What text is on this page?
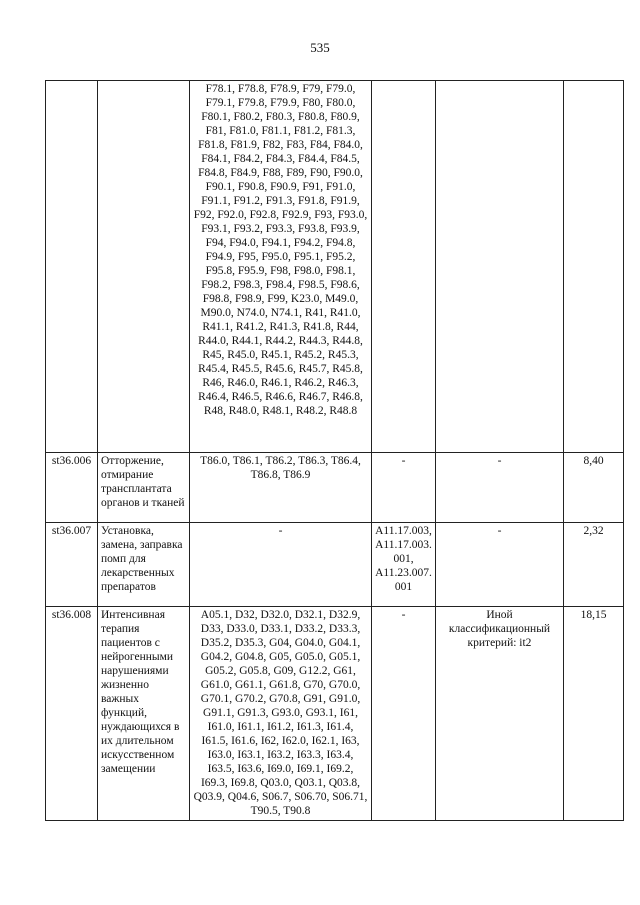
535
		F78.1, F78.8, F78.9, F79, F79.0, F79.1, F79.8, F79.9, F80, F80.0, F80.1, F80.2, F80.3, F80.8, F80.9, F81, F81.0, F81.1, F81.2, F81.3, F81.8, F81.9, F82, F83, F84, F84.0, F84.1, F84.2, F84.3, F84.4, F84.5, F84.8, F84.9, F88, F89, F90, F90.0, F90.1, F90.8, F90.9, F91, F91.0, F91.1, F91.2, F91.3, F91.8, F91.9, F92, F92.0, F92.8, F92.9, F93, F93.0, F93.1, F93.2, F93.3, F93.8, F93.9, F94, F94.0, F94.1, F94.2, F94.8, F94.9, F95, F95.0, F95.1, F95.2, F95.8, F95.9, F98, F98.0, F98.1, F98.2, F98.3, F98.4, F98.5, F98.6, F98.8, F98.9, F99, K23.0, M49.0, M90.0, N74.0, N74.1, R41, R41.0, R41.1, R41.2, R41.3, R41.8, R44, R44.0, R44.1, R44.2, R44.3, R44.8, R45, R45.0, R45.1, R45.2, R45.3, R45.4, R45.5, R45.6, R45.7, R45.8, R46, R46.0, R46.1, R46.2, R46.3, R46.4, R46.5, R46.6, R46.7, R46.8, R48, R48.0, R48.1, R48.2, R48.8			
st36.006	Отторжение, отмирание трансплантата органов и тканей	T86.0, T86.1, T86.2, T86.3, T86.4, T86.8, T86.9	-	-	8,40
st36.007	Установка, замена, заправка помп для лекарственных препаратов	-	A11.17.003, A11.17.003.001, A11.23.007.001	-	2,32
st36.008	Интенсивная терапия пациентов с нейрогенными нарушениями жизненно важных функций, нуждающихся в их длительном искусственном замещении	A05.1, D32, D32.0, D32.1, D32.9, D33, D33.0, D33.1, D33.2, D33.3, D35.2, D35.3, G04, G04.0, G04.1, G04.2, G04.8, G05, G05.0, G05.1, G05.2, G05.8, G09, G12.2, G61, G61.0, G61.1, G61.8, G70, G70.0, G70.1, G70.2, G70.8, G91, G91.0, G91.1, G91.3, G93.0, G93.1, I61, I61.0, I61.1, I61.2, I61.3, I61.4, I61.5, I61.6, I62, I62.0, I62.1, I63, I63.0, I63.1, I63.2, I63.3, I63.4, I63.5, I63.6, I69.0, I69.1, I69.2, I69.3, I69.8, Q03.0, Q03.1, Q03.8, Q03.9, Q04.6, S06.7, S06.70, S06.71, T90.5, T90.8	-	Иной классификационный критерий: it2	18,15
